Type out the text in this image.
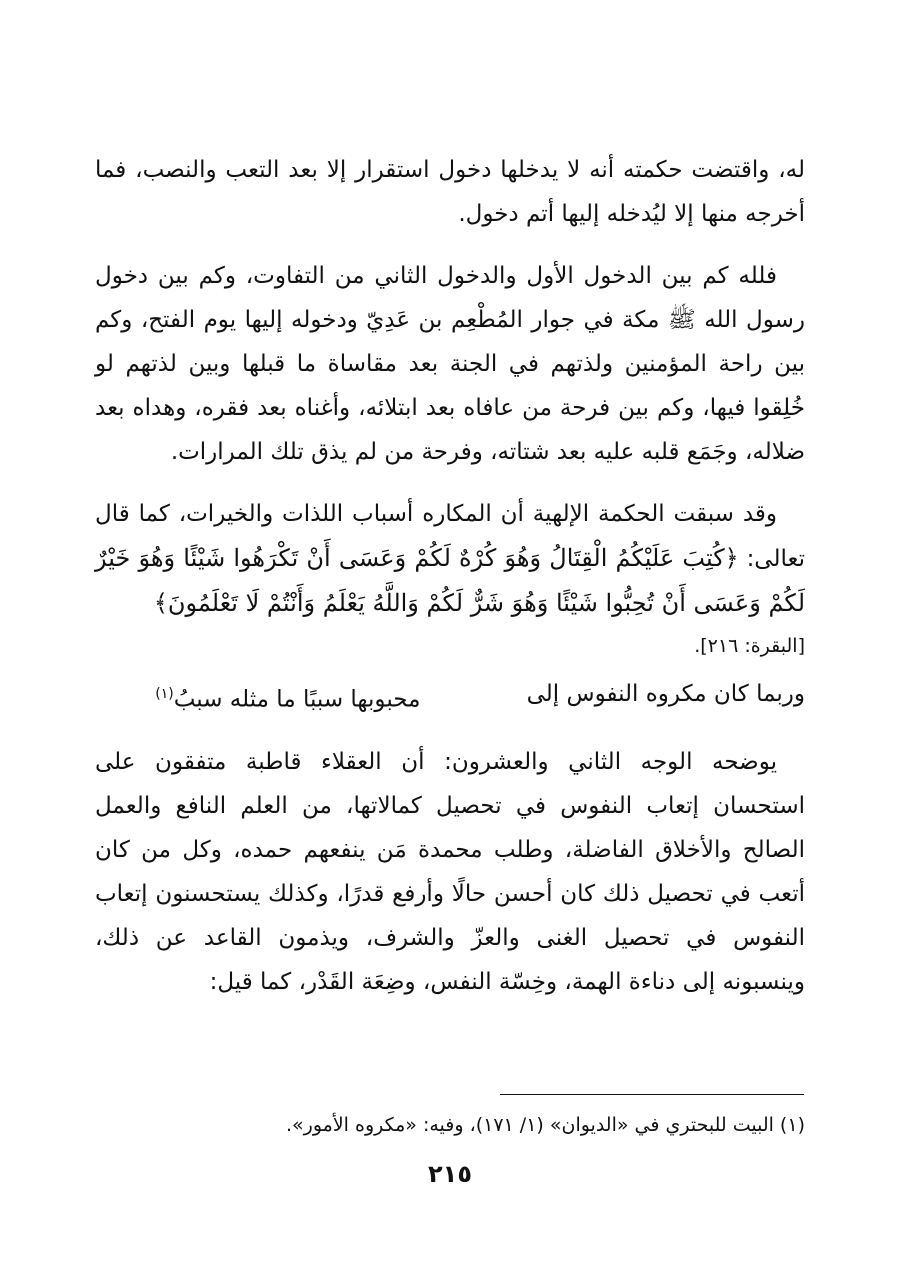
له، واقتضت حكمته أنه لا يدخلها دخول استقرار إلا بعد التعب والنصب، فما أخرجه منها إلا ليُدخله إليها أتم دخول.

فلله كم بين الدخول الأول والدخول الثاني من التفاوت، وكم بين دخول رسول الله ﷺ مكة في جوار المُطْعِم بن عَدِيّ ودخوله إليها يوم الفتح، وكم بين راحة المؤمنين ولذتهم في الجنة بعد مقاساة ما قبلها وبين لذتهم لو خُلِقوا فيها، وكم بين فرحة من عافاه بعد ابتلائه، وأغناه بعد فقره، وهداه بعد ضلاله، وجَمَع قلبه عليه بعد شتاته، وفرحة من لم يذق تلك المرارات.

وقد سبقت الحكمة الإلهية أن المكاره أسباب اللذات والخيرات، كما قال تعالى: ﴿كُتِبَ عَلَيْكُمُ الْقِتَالُ وَهُوَ كُرْهٌ لَكُمْ وَعَسَى أَنْ تَكْرَهُوا شَيْئًا وَهُوَ خَيْرٌ لَكُمْ وَعَسَى أَنْ تُحِبُّوا شَيْئًا وَهُوَ شَرٌّ لَكُمْ وَاللَّهُ يَعْلَمُ وَأَنْتُمْ لَا تَعْلَمُونَ﴾

[البقرة: ٢١٦].

وربما كان مكروه النفوس إلى
محبوبها سببًا ما مثله سببُ$^{(١)}$

يوضحه الوجه الثاني والعشرون: أن العقلاء قاطبة متفقون على استحسان إتعاب النفوس في تحصيل كمالاتها، من العلم النافع والعمل الصالح والأخلاق الفاضلة، وطلب محمدة مَن ينفعهم حمده، وكل من كان أتعب في تحصيل ذلك كان أحسن حالًا وأرفع قدرًا، وكذلك يستحسنون إتعاب النفوس في تحصيل الغنى والعزّ والشرف، ويذمون القاعد عن ذلك، وينسبونه إلى دناءة الهمة، وخِسّة النفس، وضِعَة القَدْر، كما قيل:

(١) البيت للبحتري في «الديوان» (١/ ١٧١)، وفيه: «مكروه الأمور».

٢١٥
